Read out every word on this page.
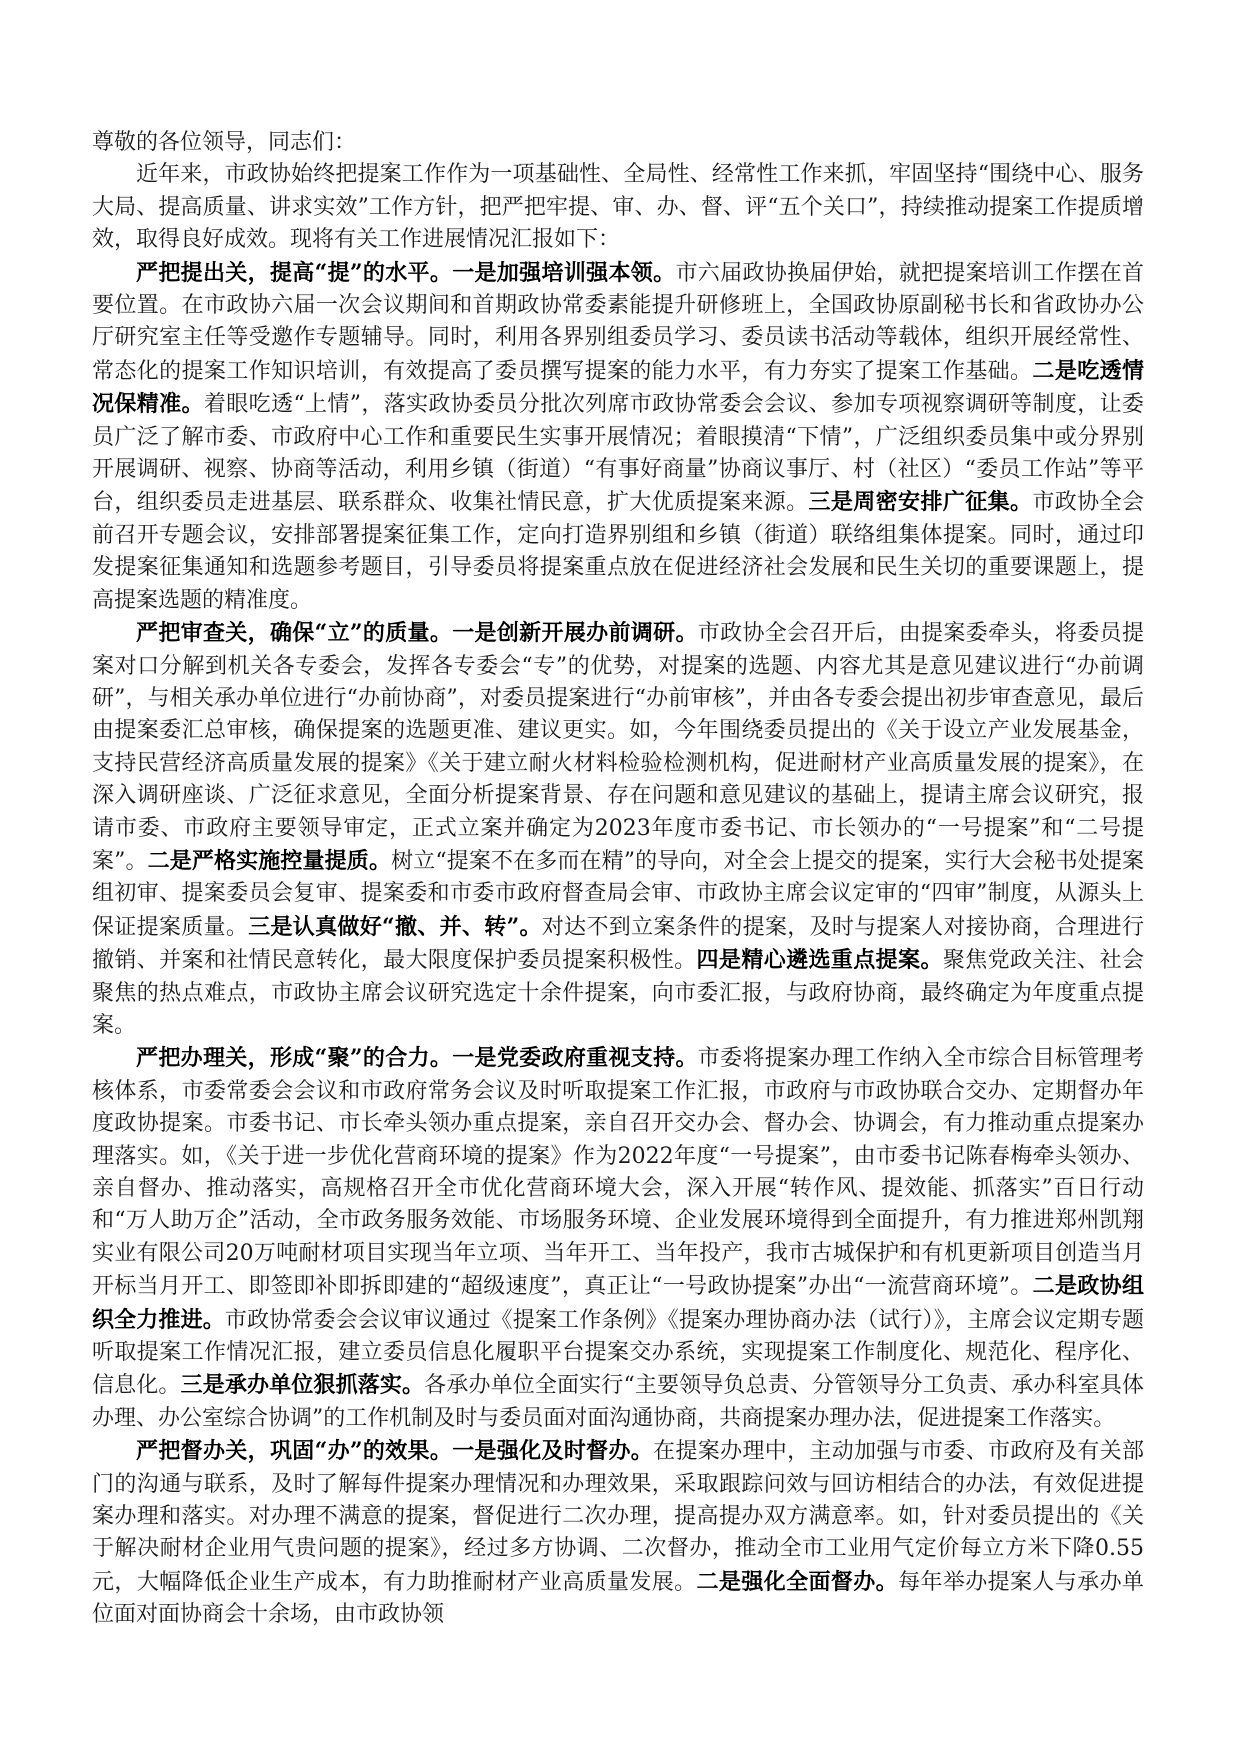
尊敬的各位领导，同志们：

近年来，市政协始终把提案工作作为一项基础性、全局性、经常性工作来抓，牢固坚持“围绕中心、服务大局、提高质量、讲求实效”工作方针，把严把牢提、审、办、督、评“五个关口”，持续推动提案工作提质增效，取得良好成效。现将有关工作进展情况汇报如下：

严把提出关，提高“提”的水平。一是加强培训强本领。市六届政协换届伊始，就把提案培训工作摆在首要位置。在市政协六届一次会议期间和首期政协常委素能提升研修班上，全国政协原副秘书长和省政协办公厅研究室主任等受邀作专题辅导。同时，利用各界别组委员学习、委员读书活动等载体，组织开展经常性、常态化的提案工作知识培训，有效提高了委员撰写提案的能力水平，有力夯实了提案工作基础。二是吃透情况保精准。着眼吃透“上情”，落实政协委员分批次列席市政协常委会会议、参加专项视察调研等制度，让委员广泛了解市委、市政府中心工作和重要民生实事开展情况；着眼摸清“下情”，广泛组织委员集中或分界别开展调研、视察、协商等活动，利用乡镇（街道）“有事好商量”协商议事厅、村（社区）“委员工作站”等平台，组织委员走进基层、联系群众、收集社情民意，扩大优质提案来源。三是周密安排广征集。市政协全会前召开专题会议，安排部署提案征集工作，定向打造界别组和乡镇（街道）联络组集体提案。同时，通过印发提案征集通知和选题参考题目，引导委员将提案重点放在促进经济社会发展和民生关切的重要课题上，提高提案选题的精准度。

严把审查关，确保“立”的质量。一是创新开展办前调研。市政协全会召开后，由提案委牵头，将委员提案对口分解到机关各专委会，发挥各专委会“专”的优势，对提案的选题、内容尤其是意见建议进行“办前调研”，与相关承办单位进行“办前协商”，对委员提案进行“办前审核”，并由各专委会提出初步审查意见，最后由提案委汇总审核，确保提案的选题更准、建议更实。如，今年围绕委员提出的《关于设立产业发展基金，支持民营经济高质量发展的提案》《关于建立耐火材料检验检测机构，促进耐材产业高质量发展的提案》，在深入调研座谈、广泛征求意见，全面分析提案背景、存在问题和意见建议的基础上，提请主席会议研究，报请市委、市政府主要领导审定，正式立案并确定为2023年度市委书记、市长领办的“一号提案”和“二号提案”。二是严格实施控量提质。树立“提案不在多而在精”的导向，对全会上提交的提案，实行大会秘书处提案组初审、提案委员会复审、提案委和市委市政府督查局会审、市政协主席会议定审的“四审”制度，从源头上保证提案质量。三是认真做好“撤、并、转”。对达不到立案条件的提案，及时与提案人对接协商，合理进行撤销、并案和社情民意转化，最大限度保护委员提案积极性。四是精心遴选重点提案。聚焦党政关注、社会聚焦的热点难点，市政协主席会议研究选定十余件提案，向市委汇报，与政府协商，最终确定为年度重点提案。

严把办理关，形成“聚”的合力。一是党委政府重视支持。市委将提案办理工作纳入全市综合目标管理考核体系，市委常委会会议和市政府常务会议及时听取提案工作汇报，市政府与市政协联合交办、定期督办年度政协提案。市委书记、市长牵头领办重点提案，亲自召开交办会、督办会、协调会，有力推动重点提案办理落实。如，《关于进一步优化营商环境的提案》作为2022年度“一号提案”，由市委书记陈春梅牵头领办、亲自督办、推动落实，高规格召开全市优化营商环境大会，深入开展“转作风、提效能、抓落实”百日行动和“万人助万企”活动，全市政务服务效能、市场服务环境、企业发展环境得到全面提升，有力推进郑州凯翔实业有限公司20万吨耐材项目实现当年立项、当年开工、当年投产，我市古城保护和有机更新项目创造当月开标当月开工、即签即补即拆即建的“超级速度”，真正让“一号政协提案”办出“一流营商环境”。二是政协组织全力推进。市政协常委会会议审议通过《提案工作条例》《提案办理协商办法（试行）》，主席会议定期专题听取提案工作情况汇报，建立委员信息化履职平台提案交办系统，实现提案工作制度化、规范化、程序化、信息化。三是承办单位狠抓落实。各承办单位全面实行“主要领导负总责、分管领导分工负责、承办科室具体办理、办公室综合协调”的工作机制及时与委员面对面沟通协商，共商提案办理办法，促进提案工作落实。

严把督办关，巩固“办”的效果。一是强化及时督办。在提案办理中，主动加强与市委、市政府及有关部门的沟通与联系，及时了解每件提案办理情况和办理效果，采取跟踪问效与回访相结合的办法，有效促进提案办理和落实。对办理不满意的提案，督促进行二次办理，提高提办双方满意率。如，针对委员提出的《关于解决耐材企业用气贵问题的提案》，经过多方协调、二次督办，推动全市工业用气定价每立方米下降0.55元，大幅降低企业生产成本，有力助推耐材产业高质量发展。二是强化全面督办。每年举办提案人与承办单位面对面协商会十余场，由市政协领
